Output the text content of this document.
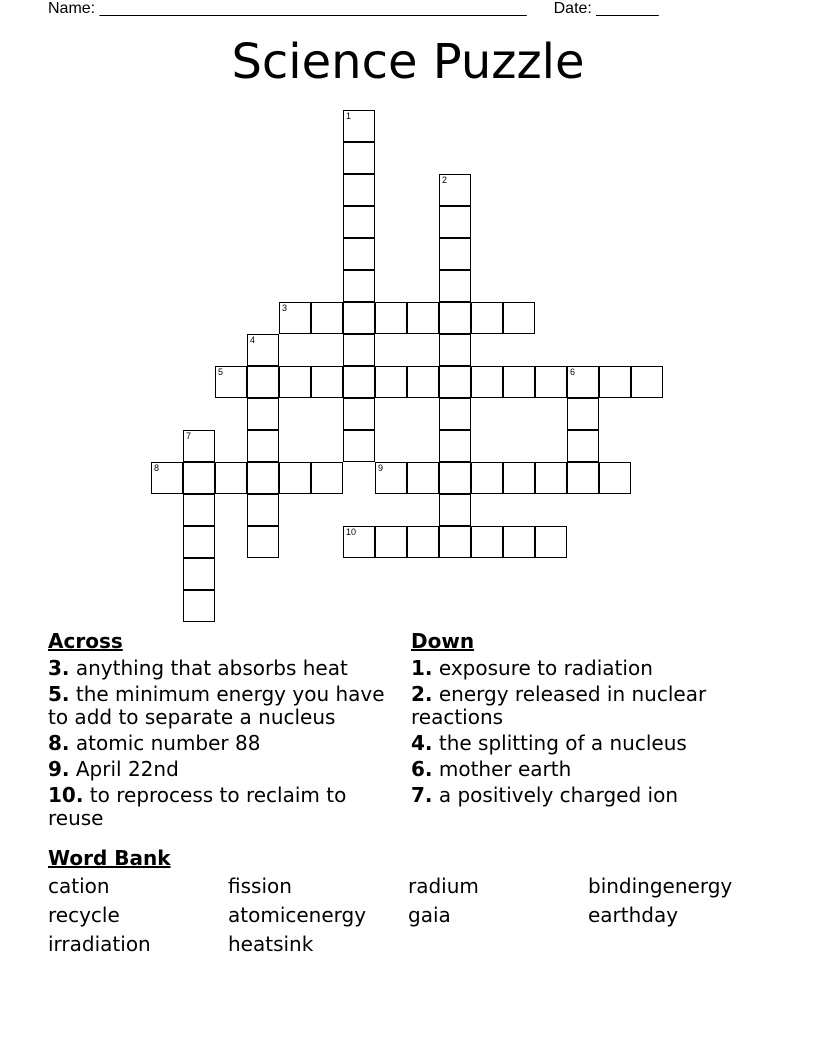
Name: ________________________________________________ Date: _______
Science Puzzle
1
2
3
4
5	6
7
8	9
10
Across
3. anything that absorbs heat
5. the minimum energy you have to add to separate a nucleus
8. atomic number 88
9. April 22nd
10. to reprocess to reclaim to reuse
Down
1. exposure to radiation
2. energy released in nuclear reactions
4. the splitting of a nucleus
6. mother earth
7. a positively charged ion
Word Bank
cation	fission	radium	bindingenergy
recycle	atomicenergy	gaia	earthday
irradiation	heatsink
